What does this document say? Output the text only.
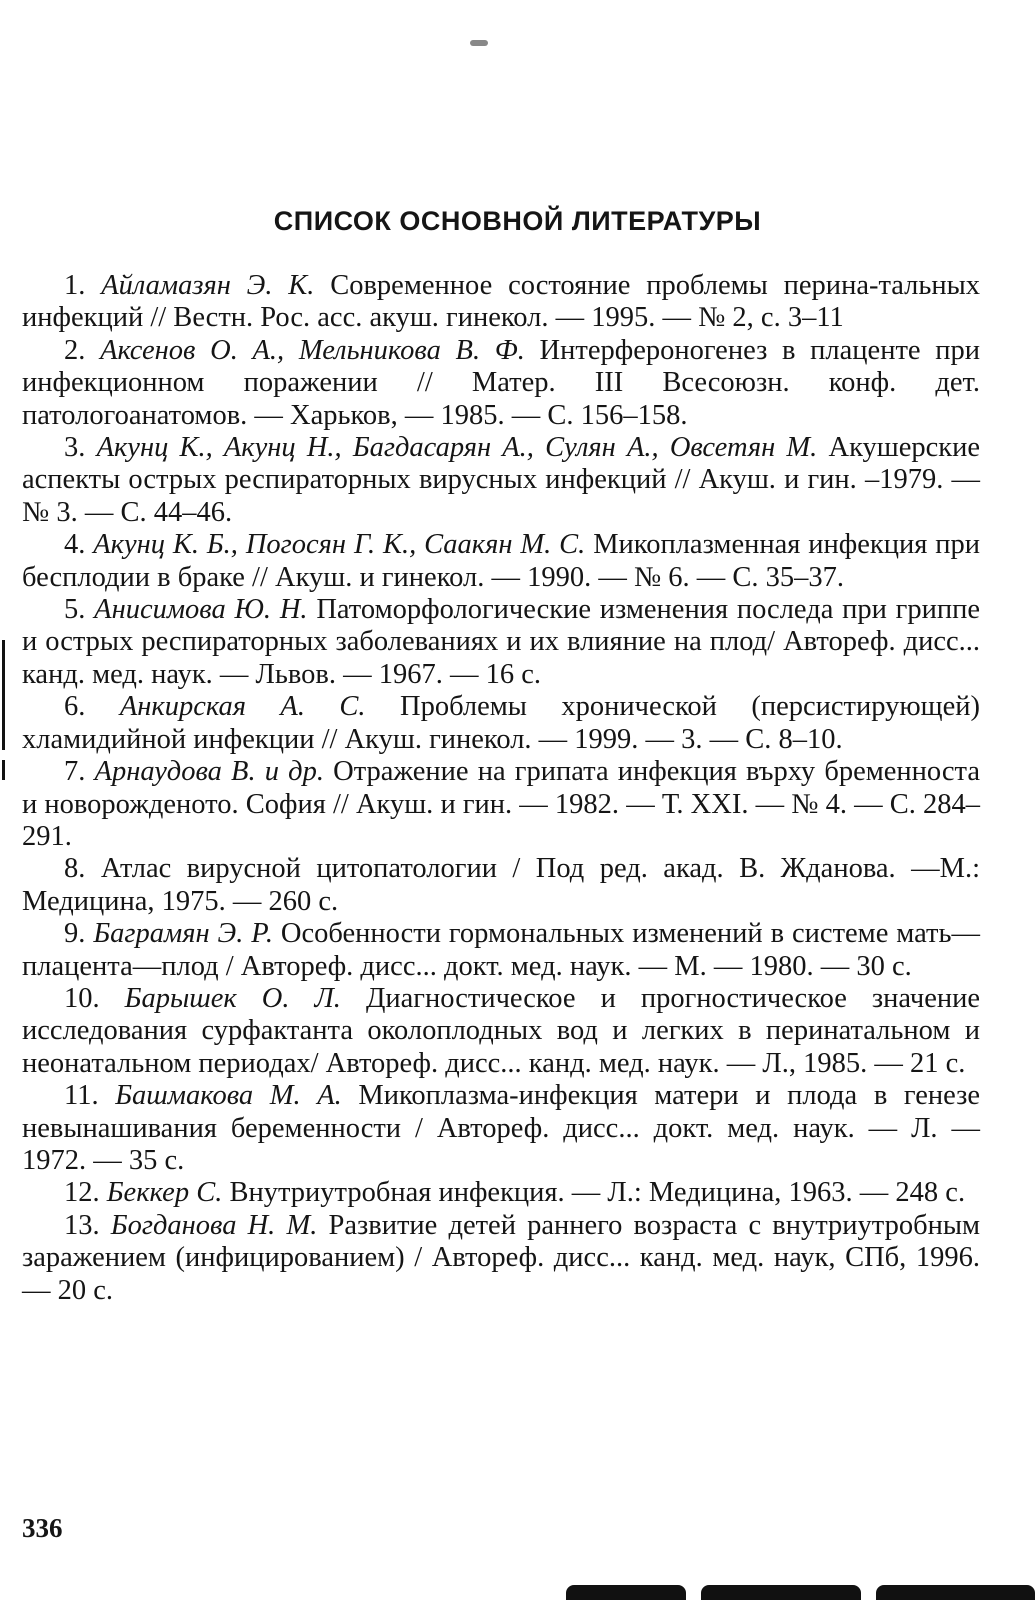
СПИСОК ОСНОВНОЙ ЛИТЕРАТУРЫ
1. Айламазян Э. К. Современное состояние проблемы перина-тальных инфекций // Вестн. Рос. асс. акуш. гинекол. — 1995. — № 2, с. 3–11
2. Аксенов О. А., Мельникова В. Ф. Интерфероногенез в плаценте при инфекционном поражении // Матер. III Всесоюзн. конф. дет. патологоанатомов. — Харьков, — 1985. — С. 156–158.
3. Акунц К., Акунц Н., Багдасарян А., Сулян А., Овсетян М. Акушерские аспекты острых респираторных вирусных инфекций // Акуш. и гин. –1979. — № 3. — С. 44–46.
4. Акунц К. Б., Погосян Г. К., Саакян М. С. Микоплазменная инфекция при бесплодии в браке // Акуш. и гинекол. — 1990. — № 6. — С. 35–37.
5. Анисимова Ю. Н. Патоморфологические изменения последа при гриппе и острых респираторных заболеваниях и их влияние на плод/ Автореф. дисс... канд. мед. наук. — Львов. — 1967. — 16 с.
6. Анкирская А. С. Проблемы хронической (персистирующей) хламидийной инфекции // Акуш. гинекол. — 1999. — 3. — С. 8–10.
7. Арнаудова В. и др. Отражение на грипата инфекция върху бременноста и новорожденото. София // Акуш. и гин. — 1982. — Т. XXI. — № 4. — С. 284–291.
8. Атлас вирусной цитопатологии / Под ред. акад. В. Жданова. —М.: Медицина, 1975. — 260 с.
9. Баграмян Э. Р. Особенности гормональных изменений в системе мать—плацента—плод / Автореф. дисс... докт. мед. наук. — М. — 1980. — 30 с.
10. Барышек О. Л. Диагностическое и прогностическое значение исследования сурфактанта околоплодных вод и легких в перинатальном и неонатальном периодах/ Автореф. дисс... канд. мед. наук. — Л., 1985. — 21 с.
11. Башмакова М. А. Микоплазма-инфекция матери и плода в генезе невынашивания беременности / Автореф. дисс... докт. мед. наук. — Л. — 1972. — 35 с.
12. Беккер С. Внутриутробная инфекция. — Л.: Медицина, 1963. — 248 с.
13. Богданова Н. М. Развитие детей раннего возраста с внутриутробным заражением (инфицированием) / Автореф. дисс... канд. мед. наук, СПб, 1996. — 20 с.

336
